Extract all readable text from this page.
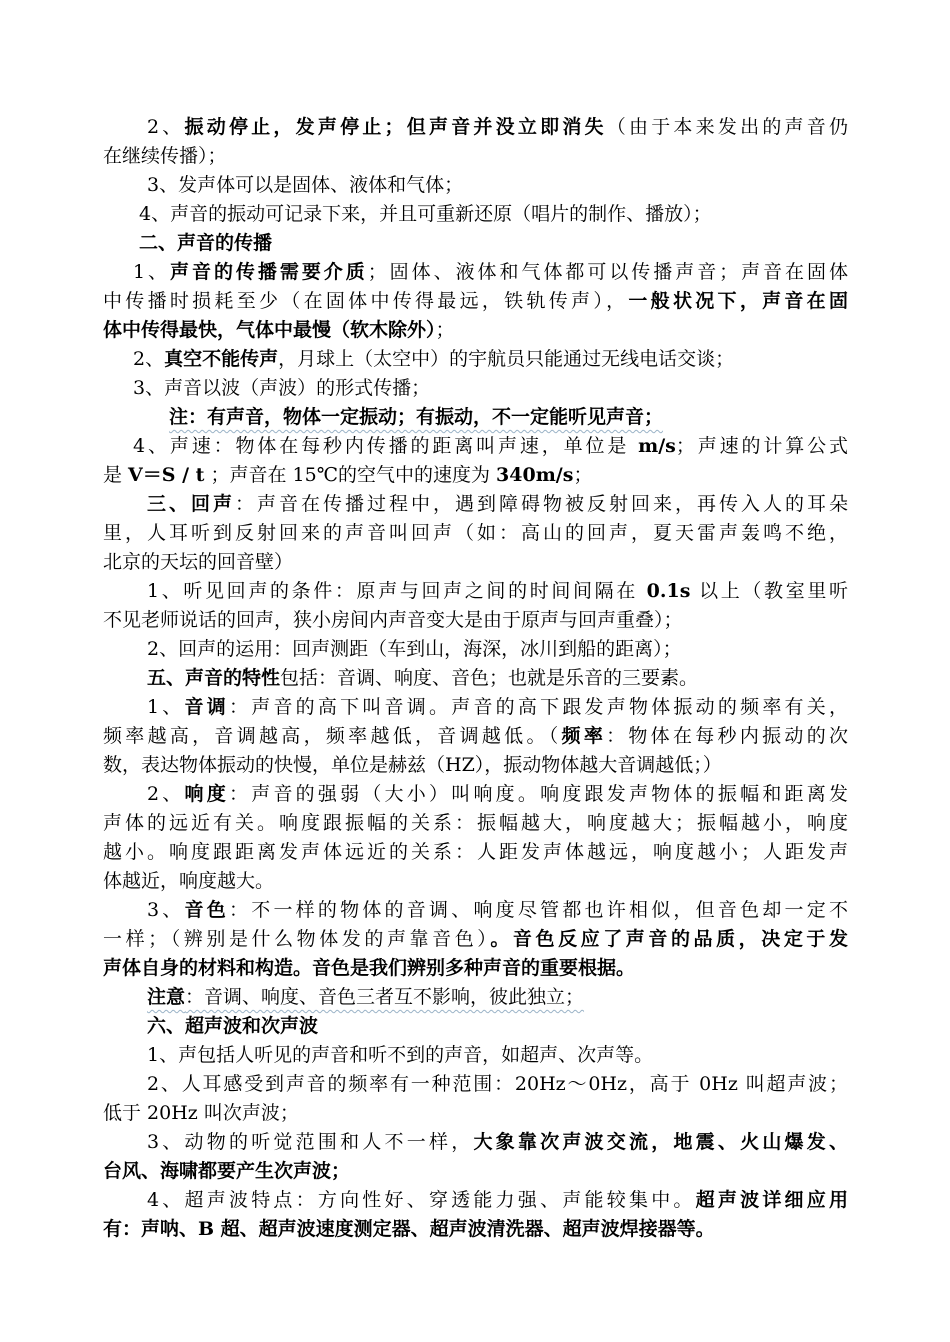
2、振动停止，发声停止；但声音并没立即消失（由于本来发出的声音仍
在继续传播）；
3、发声体可以是固体、液体和气体；
4、声音的振动可记录下来，并且可重新还原（唱片的制作、播放）；
二、声音的传播
1、声音的传播需要介质；固体、液体和气体都可以传播声音；声音在固体
中传播时损耗至少（在固体中传得最远，铁轨传声），一般状况下，声音在固
体中传得最快，气体中最慢（软木除外）；
2、真空不能传声，月球上（太空中）的宇航员只能通过无线电话交谈；
3、声音以波（声波）的形式传播；
注：有声音，物体一定振动；有振动，不一定能听见声音；
4、声速：物体在每秒内传播的距离叫声速，单位是 m/s；声速的计算公式
是 V＝S / t ；声音在 15℃的空气中的速度为 340m/s；
三、回声：声音在传播过程中，遇到障碍物被反射回来，再传入人的耳朵
里，人耳听到反射回来的声音叫回声（如：高山的回声，夏天雷声轰鸣不绝，
北京的天坛的回音壁）
1、听见回声的条件：原声与回声之间的时间间隔在 0.1s 以上（教室里听
不见老师说话的回声，狭小房间内声音变大是由于原声与回声重叠）；
2、回声的运用：回声测距（车到山，海深，冰川到船的距离）；
五、声音的特性包括：音调、响度、音色；也就是乐音的三要素。
1、音调：声音的高下叫音调。声音的高下跟发声物体振动的频率有关，
频率越高，音调越高，频率越低，音调越低。（频率：物体在每秒内振动的次
数，表达物体振动的快慢，单位是赫兹（HZ），振动物体越大音调越低；）
2、响度：声音的强弱（大小）叫响度。响度跟发声物体的振幅和距离发
声体的远近有关。响度跟振幅的关系：振幅越大，响度越大；振幅越小，响度
越小。响度跟距离发声体远近的关系：人距发声体越远，响度越小；人距发声
体越近，响度越大。
3、音色：不一样的物体的音调、响度尽管都也许相似，但音色却一定不
一样；（辨别是什么物体发的声靠音色）。音色反应了声音的品质，决定于发
声体自身的材料和构造。音色是我们辨别多种声音的重要根据。
注意：音调、响度、音色三者互不影响，彼此独立；
六、超声波和次声波
1、声包括人听见的声音和听不到的声音，如超声、次声等。
2、人耳感受到声音的频率有一种范围：20Hz～0Hz，高于 0Hz 叫超声波；
低于 20Hz 叫次声波；
3、动物的听觉范围和人不一样，大象靠次声波交流，地震、火山爆发、
台风、海啸都要产生次声波；
4、超声波特点：方向性好、穿透能力强、声能较集中。超声波详细应用
有：声呐、B 超、超声波速度测定器、超声波清洗器、超声波焊接器等。
